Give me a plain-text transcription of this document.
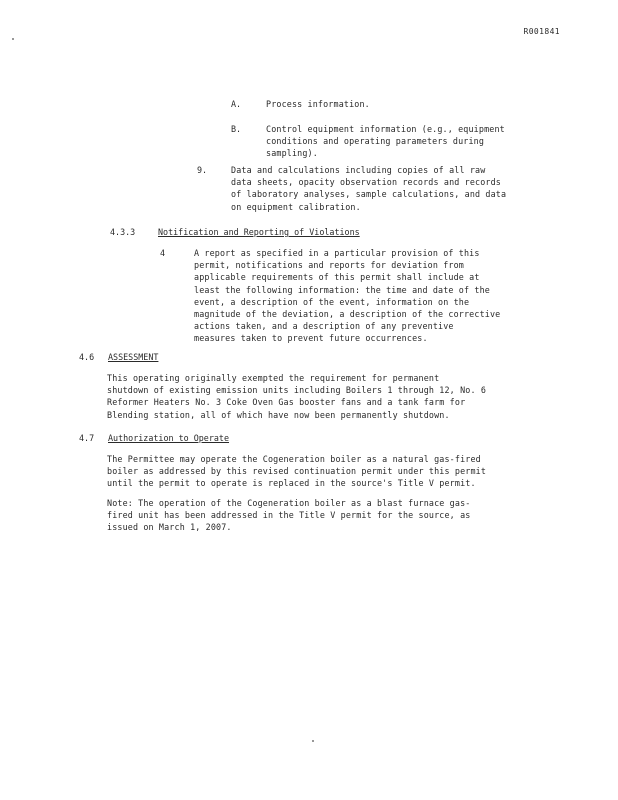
R001841
A.	Process information.
B.	Control equipment information (e.g., equipment
conditions and operating parameters during
sampling).
9.	Data and calculations including copies of all raw
data sheets, opacity observation records and records
of laboratory analyses, sample calculations, and data
on equipment calibration.
4.3.3	Notification and Reporting of Violations
4	A report as specified in a particular provision of this
permit, notifications and reports for deviation from
applicable requirements of this permit shall include at
least the following information: the time and date of the
event, a description of the event, information on the
magnitude of the deviation, a description of the corrective
actions taken, and a description of any preventive
measures taken to prevent future occurrences.
4.6 ASSESSMENT
This operating originally exempted the requirement for permanent
shutdown of existing emission units including Boilers 1 through 12, No. 6
Reformer Heaters No. 3 Coke Oven Gas booster fans and a tank farm for
Blending station, all of which have now been permanently shutdown.
4.7 Authorization to Operate
The Permittee may operate the Cogeneration boiler as a natural gas-fired
boiler as addressed by this revised continuation permit under this permit
until the permit to operate is replaced in the source's Title V permit.
Note: The operation of the Cogeneration boiler as a blast furnace gas-
fired unit has been addressed in the Title V permit for the source, as
issued on March 1, 2007.
